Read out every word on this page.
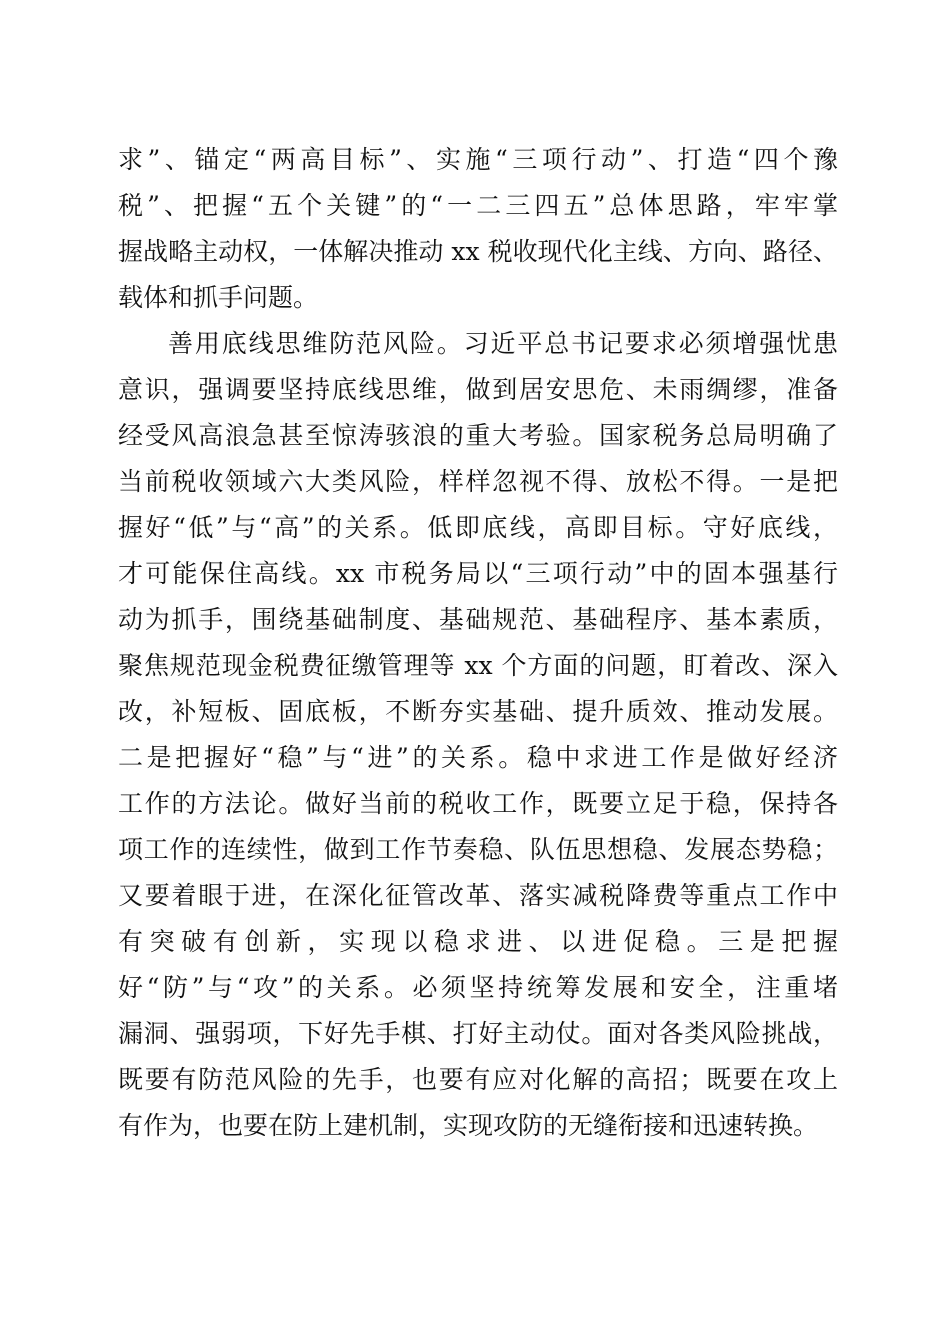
求”、锚定“两高目标”、实施“三项行动”、打造“四个豫
税”、把握“五个关键”的“一二三四五”总体思路，牢牢掌
握战略主动权，一体解决推动 xx 税收现代化主线、方向、路径、
载体和抓手问题。
善用底线思维防范风险。习近平总书记要求必须增强忧患
意识，强调要坚持底线思维，做到居安思危、未雨绸缪，准备
经受风高浪急甚至惊涛骇浪的重大考验。国家税务总局明确了
当前税收领域六大类风险，样样忽视不得、放松不得。一是把
握好“低”与“高”的关系。低即底线，高即目标。守好底线，
才可能保住高线。xx 市税务局以“三项行动”中的固本强基行
动为抓手，围绕基础制度、基础规范、基础程序、基本素质，
聚焦规范现金税费征缴管理等 xx 个方面的问题，盯着改、深入
改，补短板、固底板，不断夯实基础、提升质效、推动发展。
二是把握好“稳”与“进”的关系。稳中求进工作是做好经济
工作的方法论。做好当前的税收工作，既要立足于稳，保持各
项工作的连续性，做到工作节奏稳、队伍思想稳、发展态势稳；
又要着眼于进，在深化征管改革、落实减税降费等重点工作中
有突破有创新，实现以稳求进、以进促稳。三是把握
好“防”与“攻”的关系。必须坚持统筹发展和安全，注重堵
漏洞、强弱项，下好先手棋、打好主动仗。面对各类风险挑战，
既要有防范风险的先手，也要有应对化解的高招；既要在攻上
有作为，也要在防上建机制，实现攻防的无缝衔接和迅速转换。
